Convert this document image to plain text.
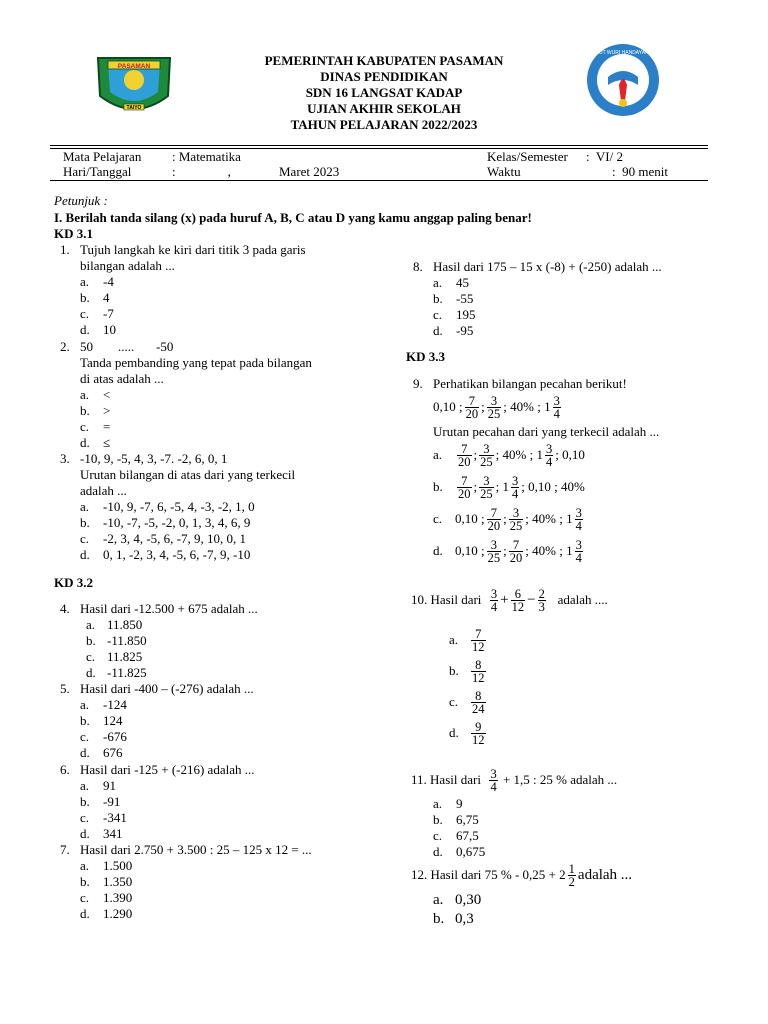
PASAMAN
TAIYO
TUT WURI HANDAYANI
PEMERINTAH KABUPATEN PASAMAN
DINAS PENDIDIKAN
SDN 16 LANGSAT KADAP
UJIAN AKHIR SEKOLAH
TAHUN PELAJARAN 2022/2023
Mata Pelajaran : Matematika
Hari/Tanggal	:                ,	Maret 2023
Kelas/Semester :  VI/ 2
Waktu	:  90 menit
Petunjuk :
I. Berilah tanda silang (x) pada huruf A, B, C atau D yang kamu anggap paling benar!
KD 3.1
1. Tujuh langkah ke kiri dari titik 3 pada garis
bilangan adalah ...
a. -4
b. 4
c. -7
d. 10
2. 50 ..... -50
Tanda pembanding yang tepat pada bilangan
di atas adalah ...
a. <
b. >
c. =
d. ≤
3. -10, 9, -5, 4, 3, -7. -2, 6, 0, 1
Urutan bilangan di atas dari yang terkecil
adalah ...
a. -10, 9, -7, 6, -5, 4, -3, -2, 1, 0
b. -10, -7, -5, -2, 0, 1, 3, 4, 6, 9
c. -2, 3, 4, -5, 6, -7, 9, 10, 0, 1
d. 0, 1, -2, 3, 4, -5, 6, -7, 9, -10
KD 3.2
4. Hasil dari -12.500 + 675 adalah ...
a. 11.850
b. -11.850
c. 11.825
d. -11.825
5. Hasil dari -400 – (-276) adalah ...
a. -124
b. 124
c. -676
d. 676
6. Hasil dari -125 + (-216) adalah ...
a. 91
b. -91
c. -341
d. 341
7. Hasil dari 2.750 + 3.500 : 25 – 125 x 12 = ...
a. 1.500
b. 1.350
c. 1.390
d. 1.290
8. Hasil dari 175 – 15 x (-8) + (-250) adalah ...
a. 45
b. -55
c. 195
d. -95
KD 3.3
9. Perhatikan bilangan pecahan berikut!
0,10
; $\frac{7}{20}$ ; $\frac{3}{25}$ ;
40%
;
$1 \frac{3}{4}$
Urutan pecahan dari yang terkecil adalah ...
a.	$\frac{7}{20}$ ; $\frac{3}{25}$ ;
40%
;
$1 \frac{3}{4}$ ;
0,10
b.	$\frac{7}{20}$ ; $\frac{3}{25}$ ;
$1 \frac{3}{4}$ ;
0,10
;
40%
c. 0,10
; $\frac{7}{20}$ ; $\frac{3}{25}$ ;
40%
;
$1 \frac{3}{4}$
d. 0,10
; $\frac{3}{25}$ ; $\frac{7}{20}$ ;
40%
;
$1 \frac{3}{4}$
10.
Hasil dari
$\frac{3}{4} + \frac{6}{12} - \frac{2}{3}$
adalah ....
a.	$\frac{7}{12}$
b. $\frac{8}{12}$
c.	$\frac{8}{24}$
d. $\frac{9}{12}$
11.
Hasil dari
$\frac{3}{4}$
+ 1,5 : 25 % adalah ...
a. 9
b. 6,75
c. 67,5
d. 0,675
12.
Hasil dari 75 % - $0,25 + 2 \frac{1}{2}$ adalah ...
a. 0,30
b. 0,3
